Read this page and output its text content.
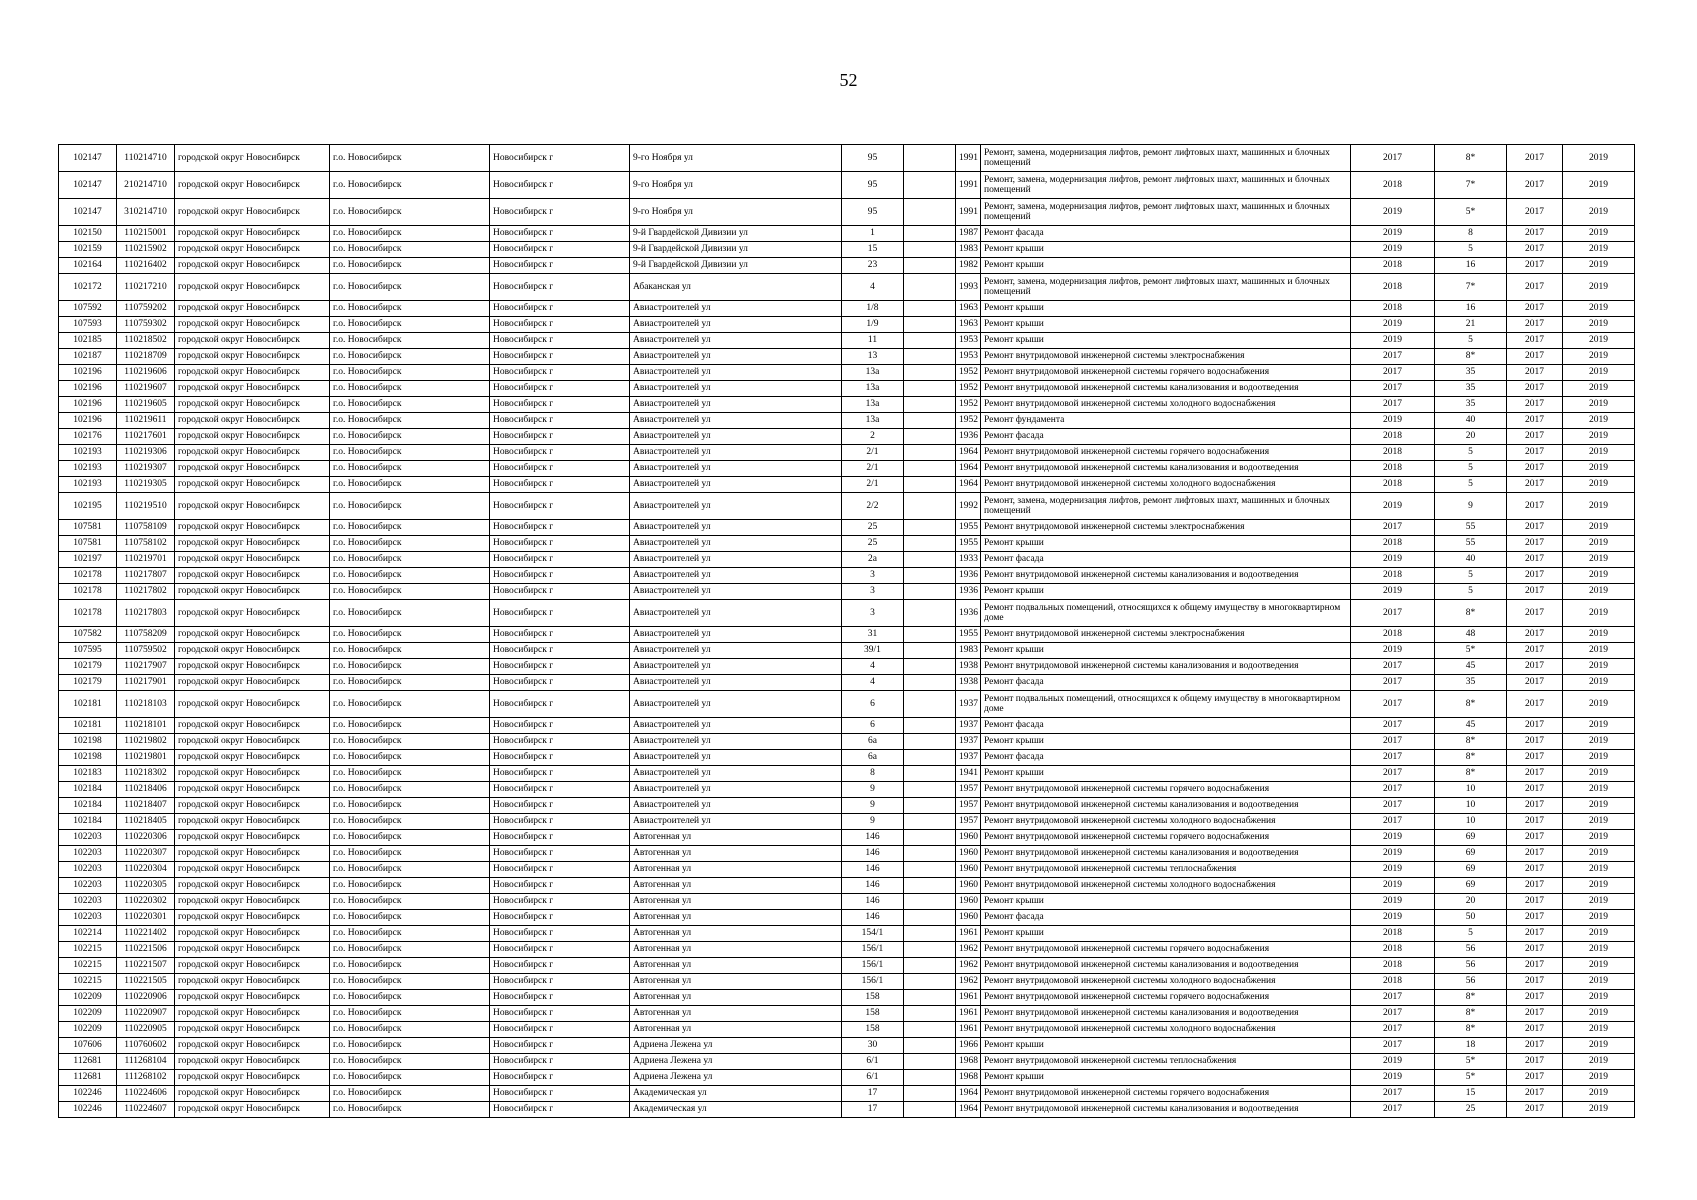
52
102147	110214710	городской округ Новосибирск	г.о. Новосибирск	Новосибирск г	9-го Ноября ул	95		1991	Ремонт, замена, модернизация лифтов, ремонт лифтовых шахт, машинных и блочных помещений	2017	8*	2017	2019
102147	210214710	городской округ Новосибирск	г.о. Новосибирск	Новосибирск г	9-го Ноября ул	95		1991	Ремонт, замена, модернизация лифтов, ремонт лифтовых шахт, машинных и блочных помещений	2018	7*	2017	2019
102147	310214710	городской округ Новосибирск	г.о. Новосибирск	Новосибирск г	9-го Ноября ул	95		1991	Ремонт, замена, модернизация лифтов, ремонт лифтовых шахт, машинных и блочных помещений	2019	5*	2017	2019
102150	110215001	городской округ Новосибирск	г.о. Новосибирск	Новосибирск г	9-й Гвардейской Дивизии ул	1		1987	Ремонт фасада	2019	8	2017	2019
102159	110215902	городской округ Новосибирск	г.о. Новосибирск	Новосибирск г	9-й Гвардейской Дивизии ул	15		1983	Ремонт крыши	2019	5	2017	2019
102164	110216402	городской округ Новосибирск	г.о. Новосибирск	Новосибирск г	9-й Гвардейской Дивизии ул	23		1982	Ремонт крыши	2018	16	2017	2019
102172	110217210	городской округ Новосибирск	г.о. Новосибирск	Новосибирск г	Абаканская ул	4		1993	Ремонт, замена, модернизация лифтов, ремонт лифтовых шахт, машинных и блочных помещений	2018	7*	2017	2019
107592	110759202	городской округ Новосибирск	г.о. Новосибирск	Новосибирск г	Авиастроителей ул	1/8		1963	Ремонт крыши	2018	16	2017	2019
107593	110759302	городской округ Новосибирск	г.о. Новосибирск	Новосибирск г	Авиастроителей ул	1/9		1963	Ремонт крыши	2019	21	2017	2019
102185	110218502	городской округ Новосибирск	г.о. Новосибирск	Новосибирск г	Авиастроителей ул	11		1953	Ремонт крыши	2019	5	2017	2019
102187	110218709	городской округ Новосибирск	г.о. Новосибирск	Новосибирск г	Авиастроителей ул	13		1953	Ремонт внутридомовой инженерной системы электроснабжения	2017	8*	2017	2019
102196	110219606	городской округ Новосибирск	г.о. Новосибирск	Новосибирск г	Авиастроителей ул	13а		1952	Ремонт внутридомовой инженерной системы горячего водоснабжения	2017	35	2017	2019
102196	110219607	городской округ Новосибирск	г.о. Новосибирск	Новосибирск г	Авиастроителей ул	13а		1952	Ремонт внутридомовой инженерной системы канализования и водоотведения	2017	35	2017	2019
102196	110219605	городской округ Новосибирск	г.о. Новосибирск	Новосибирск г	Авиастроителей ул	13а		1952	Ремонт внутридомовой инженерной системы холодного водоснабжения	2017	35	2017	2019
102196	110219611	городской округ Новосибирск	г.о. Новосибирск	Новосибирск г	Авиастроителей ул	13а		1952	Ремонт фундамента	2019	40	2017	2019
102176	110217601	городской округ Новосибирск	г.о. Новосибирск	Новосибирск г	Авиастроителей ул	2		1936	Ремонт фасада	2018	20	2017	2019
102193	110219306	городской округ Новосибирск	г.о. Новосибирск	Новосибирск г	Авиастроителей ул	2/1		1964	Ремонт внутридомовой инженерной системы горячего водоснабжения	2018	5	2017	2019
102193	110219307	городской округ Новосибирск	г.о. Новосибирск	Новосибирск г	Авиастроителей ул	2/1		1964	Ремонт внутридомовой инженерной системы канализования и водоотведения	2018	5	2017	2019
102193	110219305	городской округ Новосибирск	г.о. Новосибирск	Новосибирск г	Авиастроителей ул	2/1		1964	Ремонт внутридомовой инженерной системы холодного водоснабжения	2018	5	2017	2019
102195	110219510	городской округ Новосибирск	г.о. Новосибирск	Новосибирск г	Авиастроителей ул	2/2		1992	Ремонт, замена, модернизация лифтов, ремонт лифтовых шахт, машинных и блочных помещений	2019	9	2017	2019
107581	110758109	городской округ Новосибирск	г.о. Новосибирск	Новосибирск г	Авиастроителей ул	25		1955	Ремонт внутридомовой инженерной системы электроснабжения	2017	55	2017	2019
107581	110758102	городской округ Новосибирск	г.о. Новосибирск	Новосибирск г	Авиастроителей ул	25		1955	Ремонт крыши	2018	55	2017	2019
102197	110219701	городской округ Новосибирск	г.о. Новосибирск	Новосибирск г	Авиастроителей ул	2а		1933	Ремонт фасада	2019	40	2017	2019
102178	110217807	городской округ Новосибирск	г.о. Новосибирск	Новосибирск г	Авиастроителей ул	3		1936	Ремонт внутридомовой инженерной системы канализования и водоотведения	2018	5	2017	2019
102178	110217802	городской округ Новосибирск	г.о. Новосибирск	Новосибирск г	Авиастроителей ул	3		1936	Ремонт крыши	2019	5	2017	2019
102178	110217803	городской округ Новосибирск	г.о. Новосибирск	Новосибирск г	Авиастроителей ул	3		1936	Ремонт подвальных помещений, относящихся к общему имуществу в многоквартирном доме	2017	8*	2017	2019
107582	110758209	городской округ Новосибирск	г.о. Новосибирск	Новосибирск г	Авиастроителей ул	31		1955	Ремонт внутридомовой инженерной системы электроснабжения	2018	48	2017	2019
107595	110759502	городской округ Новосибирск	г.о. Новосибирск	Новосибирск г	Авиастроителей ул	39/1		1983	Ремонт крыши	2019	5*	2017	2019
102179	110217907	городской округ Новосибирск	г.о. Новосибирск	Новосибирск г	Авиастроителей ул	4		1938	Ремонт внутридомовой инженерной системы канализования и водоотведения	2017	45	2017	2019
102179	110217901	городской округ Новосибирск	г.о. Новосибирск	Новосибирск г	Авиастроителей ул	4		1938	Ремонт фасада	2017	35	2017	2019
102181	110218103	городской округ Новосибирск	г.о. Новосибирск	Новосибирск г	Авиастроителей ул	6		1937	Ремонт подвальных помещений, относящихся к общему имуществу в многоквартирном доме	2017	8*	2017	2019
102181	110218101	городской округ Новосибирск	г.о. Новосибирск	Новосибирск г	Авиастроителей ул	6		1937	Ремонт фасада	2017	45	2017	2019
102198	110219802	городской округ Новосибирск	г.о. Новосибирск	Новосибирск г	Авиастроителей ул	6а		1937	Ремонт крыши	2017	8*	2017	2019
102198	110219801	городской округ Новосибирск	г.о. Новосибирск	Новосибирск г	Авиастроителей ул	6а		1937	Ремонт фасада	2017	8*	2017	2019
102183	110218302	городской округ Новосибирск	г.о. Новосибирск	Новосибирск г	Авиастроителей ул	8		1941	Ремонт крыши	2017	8*	2017	2019
102184	110218406	городской округ Новосибирск	г.о. Новосибирск	Новосибирск г	Авиастроителей ул	9		1957	Ремонт внутридомовой инженерной системы горячего водоснабжения	2017	10	2017	2019
102184	110218407	городской округ Новосибирск	г.о. Новосибирск	Новосибирск г	Авиастроителей ул	9		1957	Ремонт внутридомовой инженерной системы канализования и водоотведения	2017	10	2017	2019
102184	110218405	городской округ Новосибирск	г.о. Новосибирск	Новосибирск г	Авиастроителей ул	9		1957	Ремонт внутридомовой инженерной системы холодного водоснабжения	2017	10	2017	2019
102203	110220306	городской округ Новосибирск	г.о. Новосибирск	Новосибирск г	Автогенная ул	146		1960	Ремонт внутридомовой инженерной системы горячего водоснабжения	2019	69	2017	2019
102203	110220307	городской округ Новосибирск	г.о. Новосибирск	Новосибирск г	Автогенная ул	146		1960	Ремонт внутридомовой инженерной системы канализования и водоотведения	2019	69	2017	2019
102203	110220304	городской округ Новосибирск	г.о. Новосибирск	Новосибирск г	Автогенная ул	146		1960	Ремонт внутридомовой инженерной системы теплоснабжения	2019	69	2017	2019
102203	110220305	городской округ Новосибирск	г.о. Новосибирск	Новосибирск г	Автогенная ул	146		1960	Ремонт внутридомовой инженерной системы холодного водоснабжения	2019	69	2017	2019
102203	110220302	городской округ Новосибирск	г.о. Новосибирск	Новосибирск г	Автогенная ул	146		1960	Ремонт крыши	2019	20	2017	2019
102203	110220301	городской округ Новосибирск	г.о. Новосибирск	Новосибирск г	Автогенная ул	146		1960	Ремонт фасада	2019	50	2017	2019
102214	110221402	городской округ Новосибирск	г.о. Новосибирск	Новосибирск г	Автогенная ул	154/1		1961	Ремонт крыши	2018	5	2017	2019
102215	110221506	городской округ Новосибирск	г.о. Новосибирск	Новосибирск г	Автогенная ул	156/1		1962	Ремонт внутридомовой инженерной системы горячего водоснабжения	2018	56	2017	2019
102215	110221507	городской округ Новосибирск	г.о. Новосибирск	Новосибирск г	Автогенная ул	156/1		1962	Ремонт внутридомовой инженерной системы канализования и водоотведения	2018	56	2017	2019
102215	110221505	городской округ Новосибирск	г.о. Новосибирск	Новосибирск г	Автогенная ул	156/1		1962	Ремонт внутридомовой инженерной системы холодного водоснабжения	2018	56	2017	2019
102209	110220906	городской округ Новосибирск	г.о. Новосибирск	Новосибирск г	Автогенная ул	158		1961	Ремонт внутридомовой инженерной системы горячего водоснабжения	2017	8*	2017	2019
102209	110220907	городской округ Новосибирск	г.о. Новосибирск	Новосибирск г	Автогенная ул	158		1961	Ремонт внутридомовой инженерной системы канализования и водоотведения	2017	8*	2017	2019
102209	110220905	городской округ Новосибирск	г.о. Новосибирск	Новосибирск г	Автогенная ул	158		1961	Ремонт внутридомовой инженерной системы холодного водоснабжения	2017	8*	2017	2019
107606	110760602	городской округ Новосибирск	г.о. Новосибирск	Новосибирск г	Адриена Лежена ул	30		1966	Ремонт крыши	2017	18	2017	2019
112681	111268104	городской округ Новосибирск	г.о. Новосибирск	Новосибирск г	Адриена Лежена ул	6/1		1968	Ремонт внутридомовой инженерной системы теплоснабжения	2019	5*	2017	2019
112681	111268102	городской округ Новосибирск	г.о. Новосибирск	Новосибирск г	Адриена Лежена ул	6/1		1968	Ремонт крыши	2019	5*	2017	2019
102246	110224606	городской округ Новосибирск	г.о. Новосибирск	Новосибирск г	Академическая ул	17		1964	Ремонт внутридомовой инженерной системы горячего водоснабжения	2017	15	2017	2019
102246	110224607	городской округ Новосибирск	г.о. Новосибирск	Новосибирск г	Академическая ул	17		1964	Ремонт внутридомовой инженерной системы канализования и водоотведения	2017	25	2017	2019
